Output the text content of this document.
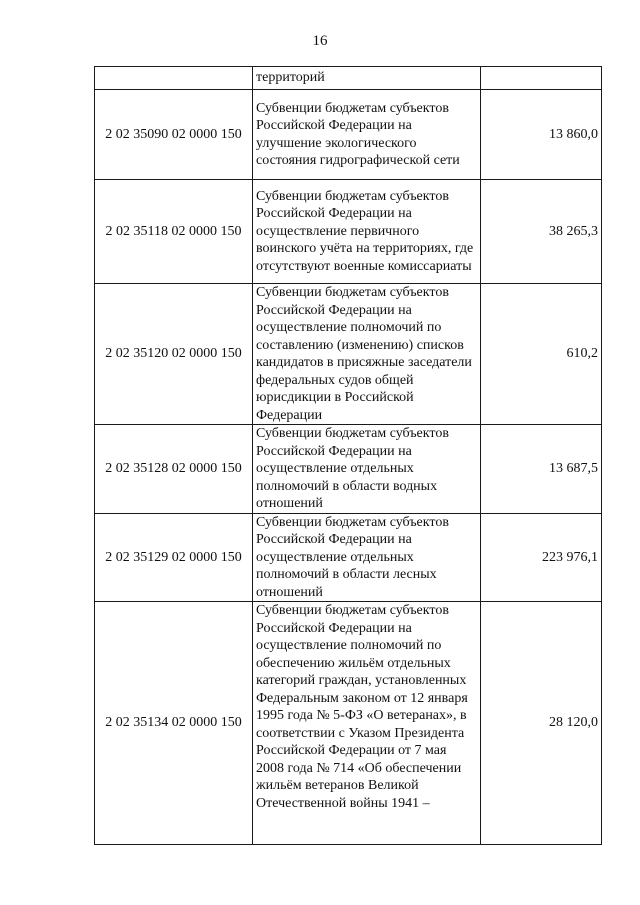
16
	территорий	
2 02 35090 02 0000 150	Субвенции бюджетам субъектов Российской Федерации на улучшение экологического состояния гидрографической сети	13 860,0
2 02 35118 02 0000 150	Субвенции бюджетам субъектов Российской Федерации на осуществление первичного воинского учёта на территориях, где отсутствуют военные комиссариаты	38 265,3
2 02 35120 02 0000 150	Субвенции бюджетам субъектов Российской Федерации на осуществление полномочий по составлению (изменению) списков кандидатов в присяжные заседатели федеральных судов общей юрисдикции в Российской Федерации	610,2
2 02 35128 02 0000 150	Субвенции бюджетам субъектов Российской Федерации на осуществление отдельных полномочий в области водных отношений	13 687,5
2 02 35129 02 0000 150	Субвенции бюджетам субъектов Российской Федерации на осуществление отдельных полномочий в области лесных отношений	223 976,1
2 02 35134 02 0000 150	Субвенции бюджетам субъектов Российской Федерации на осуществление полномочий по обеспечению жильём отдельных категорий граждан, установленных Федеральным законом от 12 января 1995 года № 5-ФЗ «О ветеранах», в соответствии с Указом Президента Российской Федерации от 7 мая 2008 года № 714 «Об обеспечении жильём ветеранов Великой Отечественной войны 1941 –	28 120,0
